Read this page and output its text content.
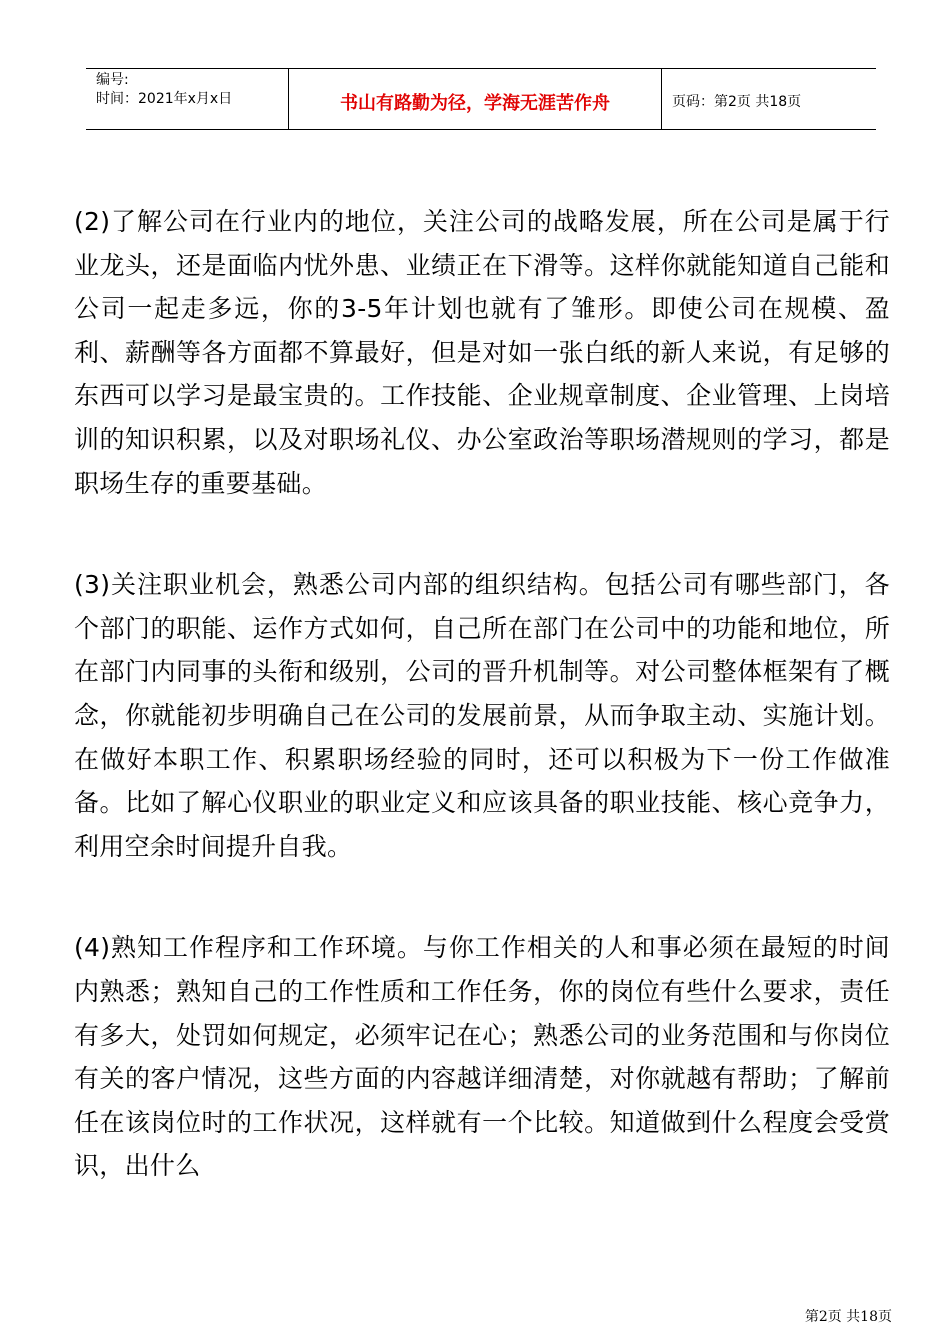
编号:
时间：2021年x月x日	书山有路勤为径，学海无涯苦作舟	页码：第2页 共18页

(2)了解公司在行业内的地位，关注公司的战略发展，所在公司是属于行业龙头，还是面临内忧外患、业绩正在下滑等。这样你就能知道自己能和公司一起走多远，你的3-5年计划也就有了雏形。即使公司在规模、盈利、薪酬等各方面都不算最好，但是对如一张白纸的新人来说，有足够的东西可以学习是最宝贵的。工作技能、企业规章制度、企业管理、上岗培训的知识积累，以及对职场礼仪、办公室政治等职场潜规则的学习，都是职场生存的重要基础。

(3)关注职业机会，熟悉公司内部的组织结构。包括公司有哪些部门，各个部门的职能、运作方式如何，自己所在部门在公司中的功能和地位，所在部门内同事的头衔和级别，公司的晋升机制等。对公司整体框架有了概念，你就能初步明确自己在公司的发展前景，从而争取主动、实施计划。在做好本职工作、积累职场经验的同时，还可以积极为下一份工作做准备。比如了解心仪职业的职业定义和应该具备的职业技能、核心竞争力，利用空余时间提升自我。

(4)熟知工作程序和工作环境。与你工作相关的人和事必须在最短的时间内熟悉；熟知自己的工作性质和工作任务，你的岗位有些什么要求，责任有多大，处罚如何规定，必须牢记在心；熟悉公司的业务范围和与你岗位有关的客户情况，这些方面的内容越详细清楚，对你就越有帮助；了解前任在该岗位时的工作状况，这样就有一个比较。知道做到什么程度会受赏识，出什么

第2页 共18页
